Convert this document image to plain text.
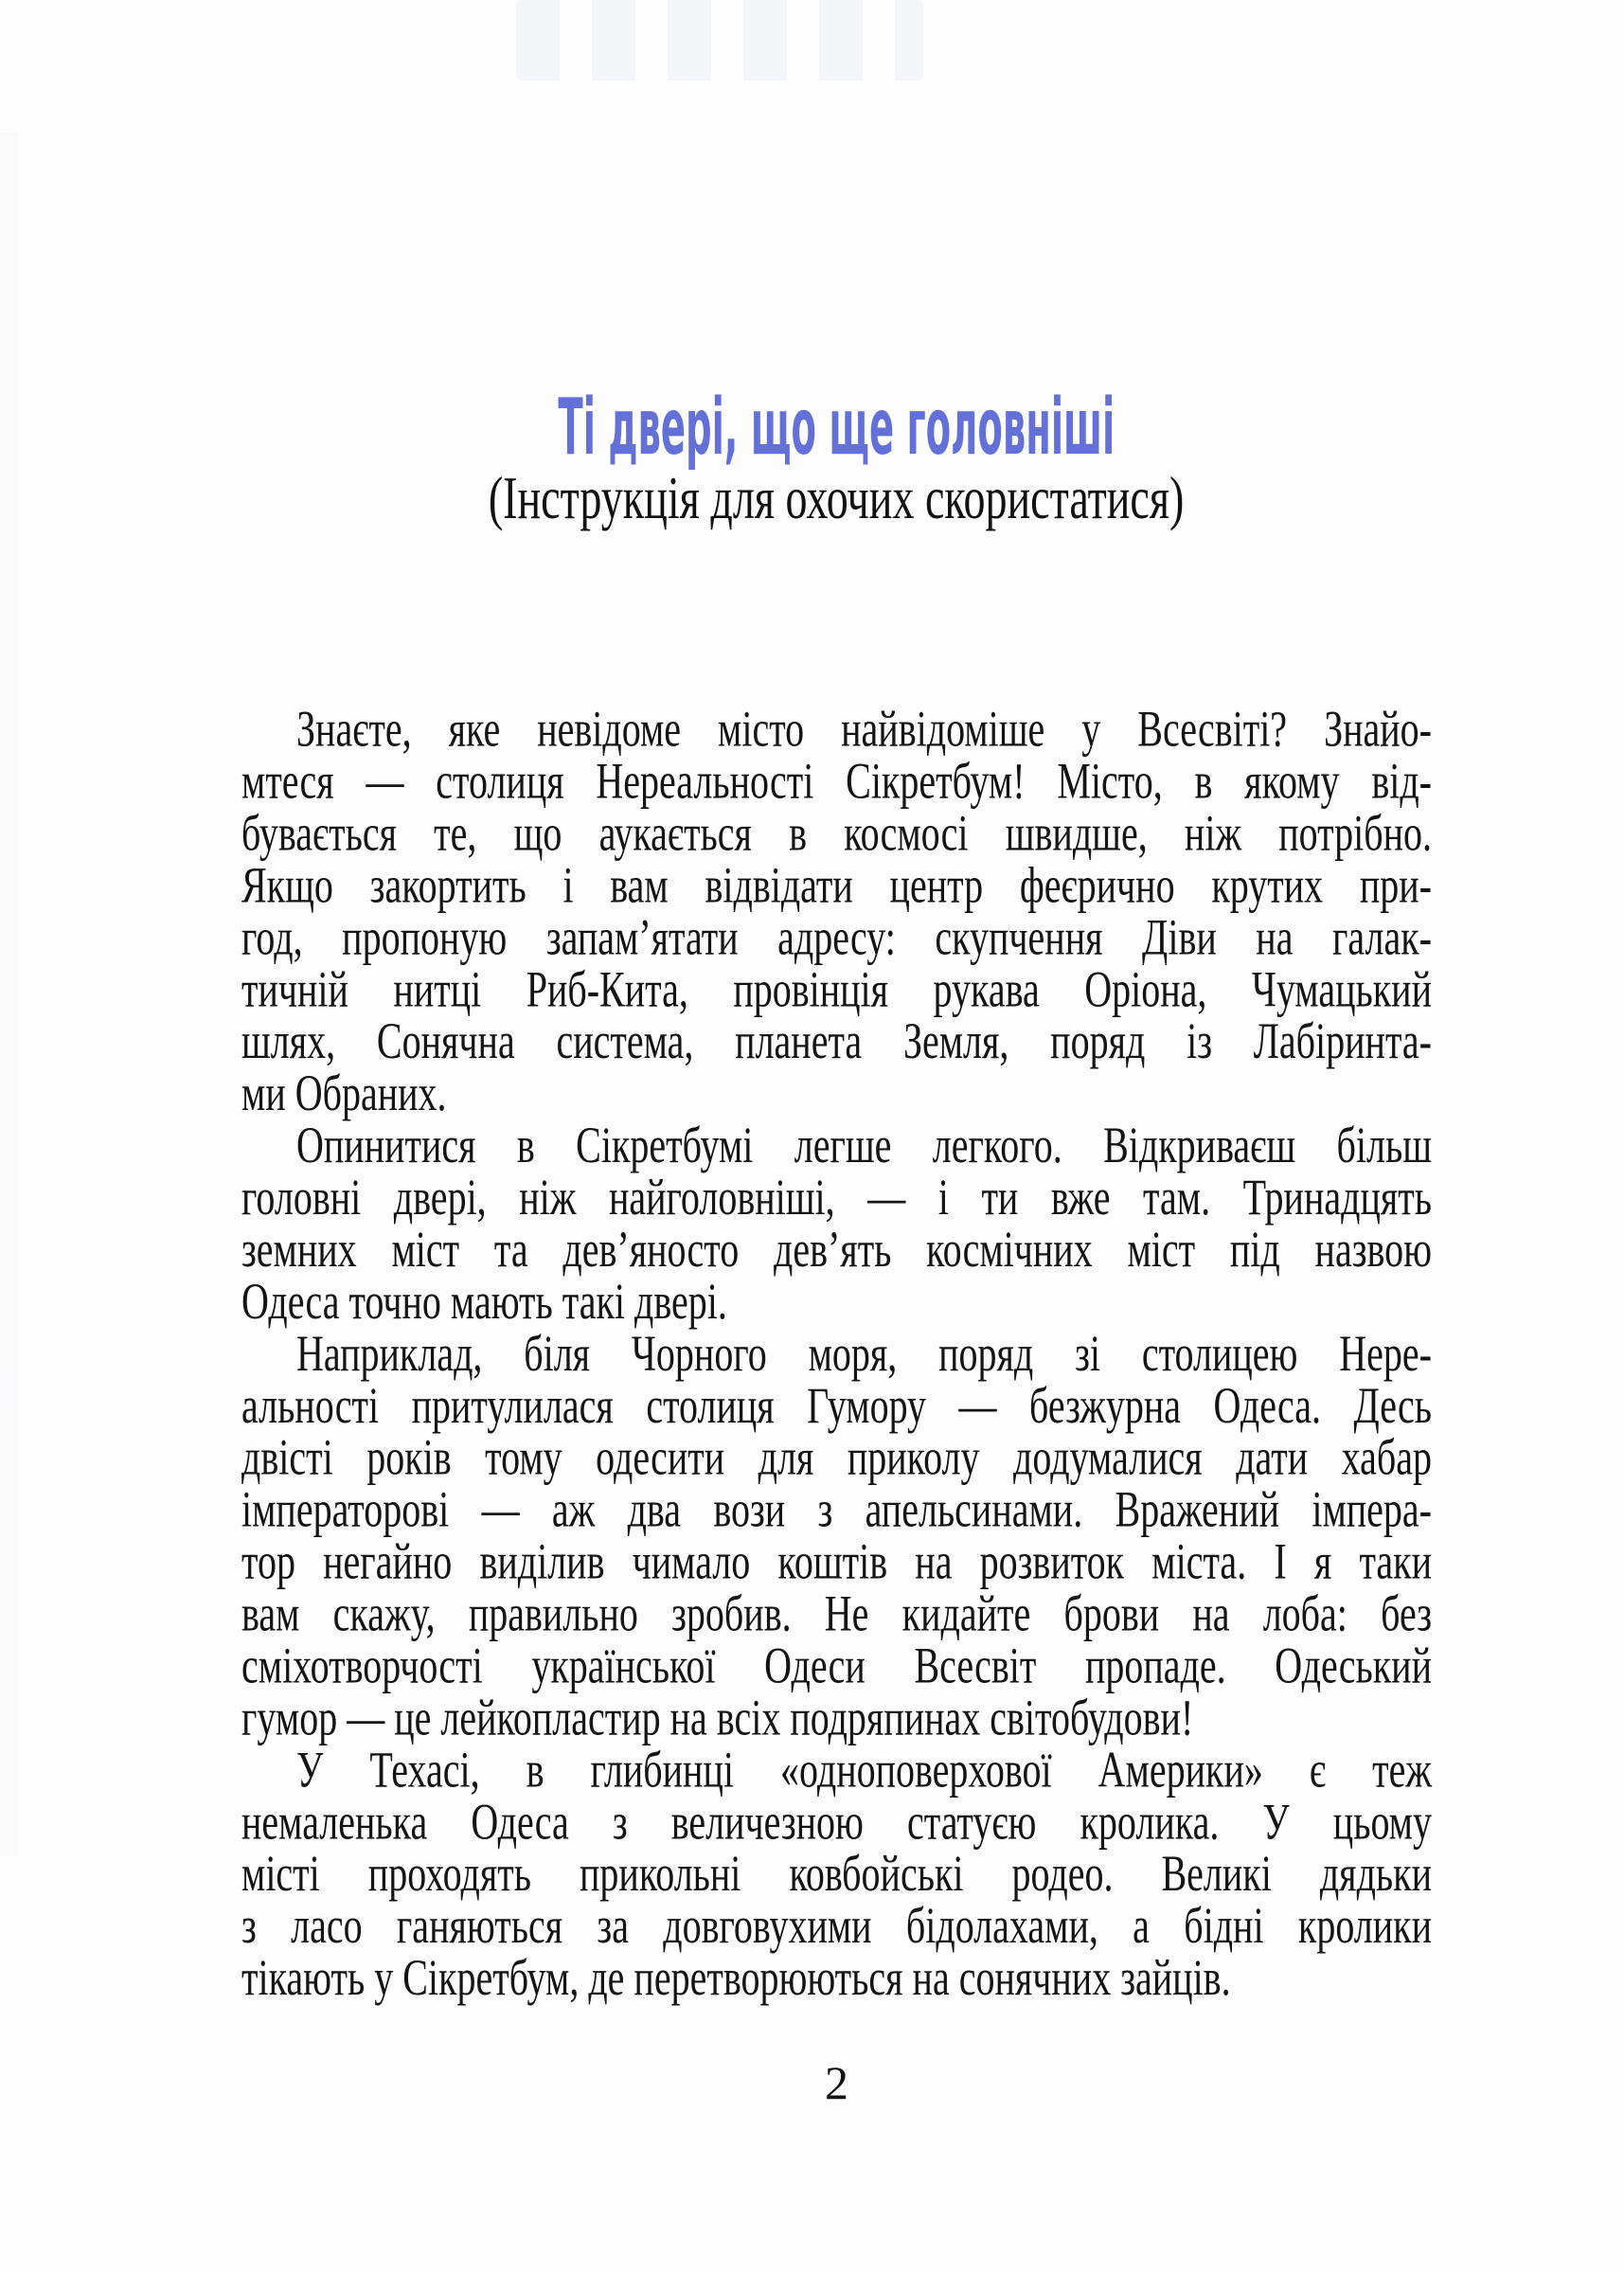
Ті двері, що ще головніші
(Інструкція для охочих скористатися)
Знаєте, яке невідоме місто найвідоміше у Всесвіті? Знайо-
мтеся — столиця Нереальності Сікретбум! Місто, в якому від-
бувається те, що аукається в космосі швидше, ніж потрібно.
Якщо закортить і вам відвідати центр феєрично крутих при-
год, пропоную запам’ятати адресу: скупчення Діви на галак-
тичній нитці Риб-Кита, провінція рукава Оріона, Чумацький
шлях, Сонячна система, планета Земля, поряд із Лабіринта-
ми Обраних.
Опинитися в Сікретбумі легше легкого. Відкриваєш більш
головні двері, ніж найголовніші, — і ти вже там. Тринадцять
земних міст та дев’яносто дев’ять космічних міст під назвою
Одеса точно мають такі двері.
Наприклад, біля Чорного моря, поряд зі столицею Нере-
альності притулилася столиця Гумору — безжурна Одеса. Десь
двісті років тому одесити для приколу додумалися дати хабар
імператорові — аж два вози з апельсинами. Вражений імпера-
тор негайно виділив чимало коштів на розвиток міста. І я таки
вам скажу, правильно зробив. Не кидайте брови на лоба: без
сміхотворчості української Одеси Всесвіт пропаде. Одеський
гумор — це лейкопластир на всіх подряпинах світобудови!
У Техасі, в глибинці «одноповерхової Америки» є теж
немаленька Одеса з величезною статуєю кролика. У цьому
місті проходять прикольні ковбойські родео. Великі дядьки
з ласо ганяються за довговухими бідолахами, а бідні кролики
тікають у Сікретбум, де перетворюються на сонячних зайців.
2
